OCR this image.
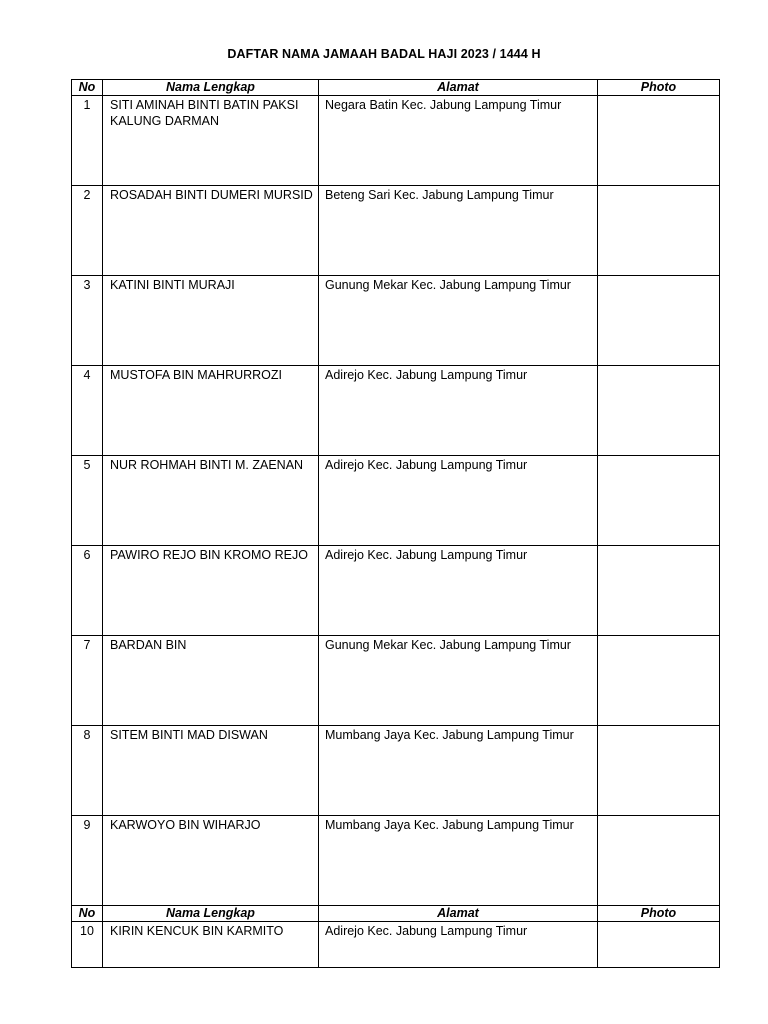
DAFTAR NAMA JAMAAH BADAL HAJI 2023 / 1444 H
No	Nama Lengkap	Alamat	Photo
1	SITI AMINAH BINTI BATIN PAKSI KALUNG DARMAN	Negara Batin Kec. Jabung Lampung Timur	
2	ROSADAH BINTI DUMERI MURSID	Beteng Sari Kec. Jabung Lampung Timur	
3	KATINI BINTI MURAJI	Gunung Mekar Kec. Jabung Lampung Timur	
4	MUSTOFA BIN MAHRURROZI	Adirejo Kec. Jabung Lampung Timur	
5	NUR ROHMAH BINTI M. ZAENAN	Adirejo Kec. Jabung Lampung Timur	
6	PAWIRO REJO BIN KROMO REJO	Adirejo Kec. Jabung Lampung Timur	
7	BARDAN BIN	Gunung Mekar Kec. Jabung Lampung Timur	
8	SITEM BINTI MAD DISWAN	Mumbang Jaya Kec. Jabung Lampung Timur	
9	KARWOYO BIN WIHARJO	Mumbang Jaya Kec. Jabung Lampung Timur	
No	Nama Lengkap	Alamat	Photo
10	KIRIN KENCUK BIN KARMITO	Adirejo Kec. Jabung Lampung Timur	
